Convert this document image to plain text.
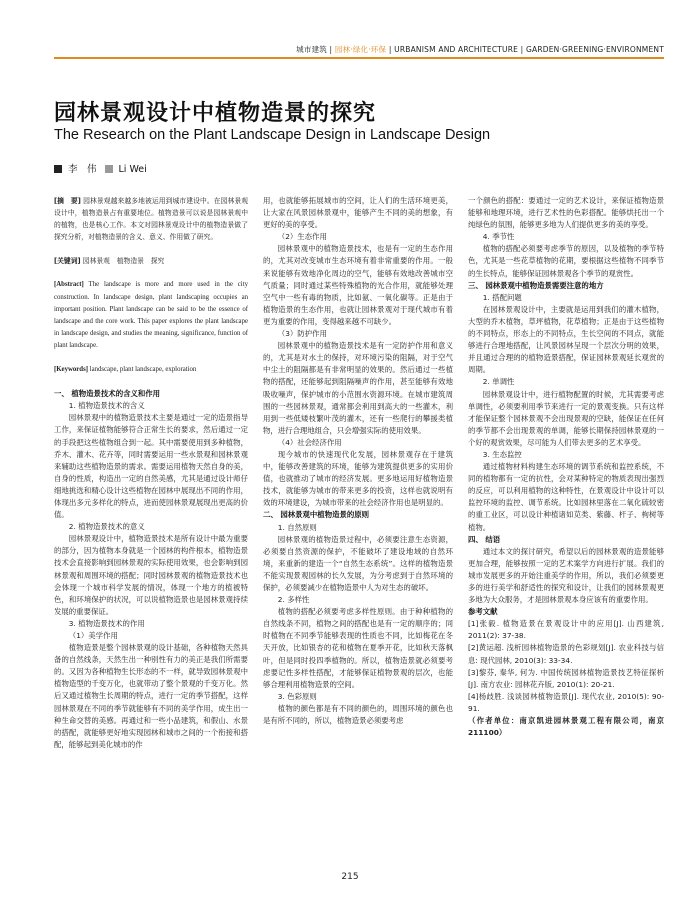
城市建筑 | 园林·绿化·环保 | URBANISM AND ARCHITECTURE | GARDEN·GREENING·ENVIRONMENT
园林景观设计中植物造景的探究
The Research on the Plant Landscape Design in Landscape Design
李　伟 Li Wei

[摘　要] 园林景观越来越多地被运用到城市建设中。在园林景观设计中，植物造景占有重要地位。植物造景可以说是园林景观中的植物，也是核心工作。本文对园林景观设计中的植物造景做了探究分析，对植物造景的含义、意义、作用做了研究。

[关键词] 园林景观　植物造景　探究

[Abstract] The landscape is more and more used in the city construction. In landscape design, plant landscaping occupies an important position. Plant landscape can be said to be the essence of landscape and the core work. This paper explores the plant landscape in landscape design, and studies the meaning, significance, function of plant landscape.

[Keywords] landscape, plant landscape, exploration

一、 植物造景技术的含义和作用

1. 植物造景技术的含义

园林景观中的植物造景技术主要是通过一定的造景指导工作，来保证植物能够符合正常生长的要求，然后通过一定的手段把这些植物组合到一起。其中需要使用到多种植物，乔木、灌木、花卉等，同时需要运用一些水景观和园林景观来辅助这些植物造景的需求。需要运用植物天然自身的美，自身的性质，构造出一定的自然美感，尤其是通过设计师仔细地挑选和精心设计这些植物在园林中展现出不同的作用，体现出多元多样化的特点，进而使园林景观展现出更高的价值。

2. 植物造景技术的意义

园林景观设计中，植物造景技术是所有设计中最为重要的部分，因为植物本身就是一个园林的构件根本，植物造景技术会直接影响到园林景观的实际使用效果，也会影响到园林景观和周围环境的搭配；同时园林景观的植物造景技术也会体现一个城市科学发展的情况，体现一个地方的植被特色，和环境保护的状况，可以说植物造景也是园林景观持续发展的重要保证。

3. 植物造景技术的作用

（1）美学作用

植物造景是整个园林景观的设计基础，各种植物天然具备的自然线条，天然生出一种别性有力的美正是我们所需要的。又因为各种植物生长形态的不一样，就导致园林景观中植物造型的千变万化，也就带动了整个景观的千变万化。然后又通过植物生长周期的特点，进行一定的季节搭配，这样园林景观在不同的季节就能够有不同的美学作用，成生出一种生命交替的美感。再通过和一些小品建筑，和假山、水景的搭配，就能够更好地实现园林和城市之间的一个衔接和搭配，能够起到美化城市的作

用，也就能够拓展城市的空间，让人们的生活环境更美，让大家在风景园林景观中，能够产生不同的美的想象，有更好的美的享受。

（2）生态作用

园林景观中的植物造景技术，也是有一定的生态作用的，尤其对改变城市生态环境有着非常重要的作用。一般来说能够有效地净化周边的空气，能够有效地改善城市空气质量；同时通过某些特殊植物的光合作用，就能够处理空气中一些有毒的物质，比如氨、一氧化碳等。正是由于植物造景的生态作用，也就让园林景观对于现代城市有着更为重要的作用，变得越来越不可缺少。

（3）防护作用

园林景观中的植物造景技术是有一定防护作用和意义的，尤其是对水土的保持，对环境污染的阻隔，对于空气中尘土的阻隔都是有非常明显的效果的。然后通过一些植物的搭配，还能够起到阻隔噪声的作用，甚至能够有效地吸收噪声，保护城市的小范围水资源环境。在城市建筑周围的一些园林景观，通常都会利用到高大的一些灌木，利用到一些低矮枝繁叶茂的灌木，还有一些爬行的攀援类植物，进行合理地组合，只会增强实际的使用效果。

（4）社会经济作用

现今城市的快速现代化发展，园林景观存在于建筑中，能够改善建筑的环境，能够为建筑提供更多的实用价值，也就推动了城市的经济发展。更多地运用好植物造景技术，就能够为城市的带来更多的投资，这样也就说明有效的环境建设，为城市带来的社会经济作用也是明显的。

二、 园林景观中植物造景的原则

1. 自然原则

园林景观的植物造景过程中，必须要注意生态资源，必须要自然资源的保护，不能破坏了建设地域的自然环境，来重新的建造一个“自然生态系统”。这样的植物造景不能实现景观园林的长久发展，为分考虑到于自然环境的保护，必须要减少在植物造景中人为对生态的破坏。

2. 多样性

植物的搭配必须要考虑多样性原则。由于种种植物的自然线条不同，植物之间的搭配也是有一定的顺序的；同时植物在不同季节能够表现的性质也不同，比如梅花在冬天开放，比如银杏的花和植物在夏季开花，比如秋天落枫叶，但是同时投四季植物的。所以，植物造景就必须要考虑要记性多样性搭配，才能够保证植物景观的层次，也能够合理利用植物造景的空间。

3. 色彩原则

植物的颜色都是有不同的颜色的，周围环境的颜色也是有所不同的，所以，植物造景必须要考虑

一个颜色的搭配：要通过一定的艺术设计，来保证植物造景能够和地理环境，进行艺术性的色彩搭配。能够烘托出一个纯绿色的氛围，能够更多地为人们提供更多的美的享受。

4. 季节性

植物的搭配必须要考虑季节的原因，以及植物的季节特色，尤其是一些花草植物的花期，要根据这些植物不同季节的生长特点，能够保证园林景观各个季节的观赏性。

三、 园林景观中植物造景需要注意的地方

1. 搭配问题

在园林景观设计中，主要就是运用到我们的灌木植物，大型的乔木植物，草坪植物，花草植物；正是由于这些植物的不同特点，形态上的不同特点，生长空间的不同点，就能够进行合理地搭配，让风景园林呈现一个层次分明的效果，并且通过合理的的植物造景搭配，保证园林景观延长观赏的周期。

2. 单调性

园林景观设计中，进行植物配置的时候，尤其需要考虑单调性，必须要利用季节来进行一定的景观变换。只有这样才能保证整个园林景观不会出现景观的空缺，能保证在任何的季节都不会出现景观的单调，能够长期保持园林景观的一个好的观赏效果，尽可能为人们带去更多的艺术享受。

3. 生态监控

通过植物材料构建生态环境的调节系统和监控系统，不同的植物都有一定的抗性，会对某种特定的物质表现出强烈的反应，可以利用植物的这种特性，在景观设计中设计可以监控环境的监控、调节系统。比如园林里落在二氧化硫较密的重工业区，可以设计种植诸如苋类、紫藤、杆子、枸树等植物。

四、 结语

通过本文的探讨研究，希望以后的园林景观的造景能够更加合理，能够按照一定的艺术案学方向进行扩展。我们的城市发展更多的开始注重美学的作用，所以，我们必须要更多的进行美学和舒适性的探究和设计，让我们的园林景观更多地为大众服务，才是园林景观本身应该有的重要作用。

参考文献

[1]张毅. 植物造景在景观设计中的应用[J]. 山西建筑, 2011(2): 37-38.

[2]黄运超. 浅析园林植物造景的色彩规划[J]. 农业科技与信息: 现代园林, 2010(3): 33-34.

[3]黎芬, 秦华, 何为. 中国传统园林植物造景技艺特征探析[J]. 南方农业: 园林花卉版, 2010(1): 20-21.

[4]杨歧胜. 浅谈园林植物造景[J]. 现代农业, 2010(5): 90-91.

（作者单位：南京凯进园林景观工程有限公司，南京 211100）

215
